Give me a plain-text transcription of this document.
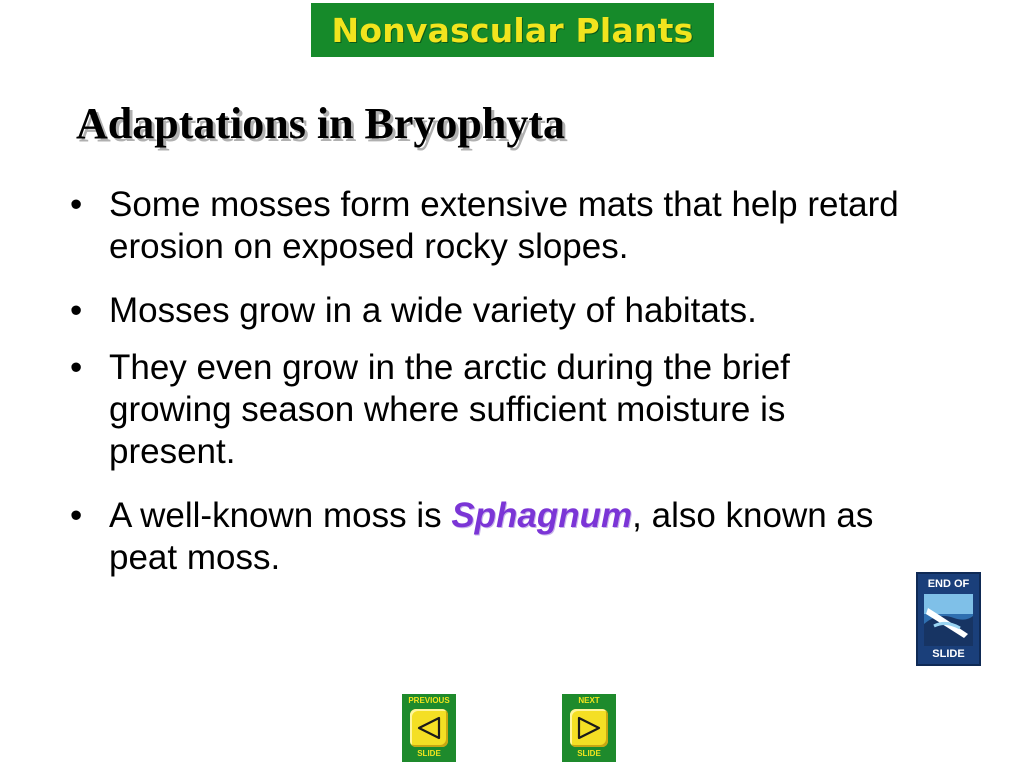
Nonvascular Plants
Adaptations in Bryophyta
• Some mosses form extensive mats that help retard erosion on exposed rocky slopes.
• Mosses grow in a wide variety of habitats.
• They even grow in the arctic during the brief growing season where sufficient moisture is present.
• A well-known moss is Sphagnum, also known as peat moss.
END OF
SLIDE
PREVIOUS
SLIDE
NEXT
SLIDE
